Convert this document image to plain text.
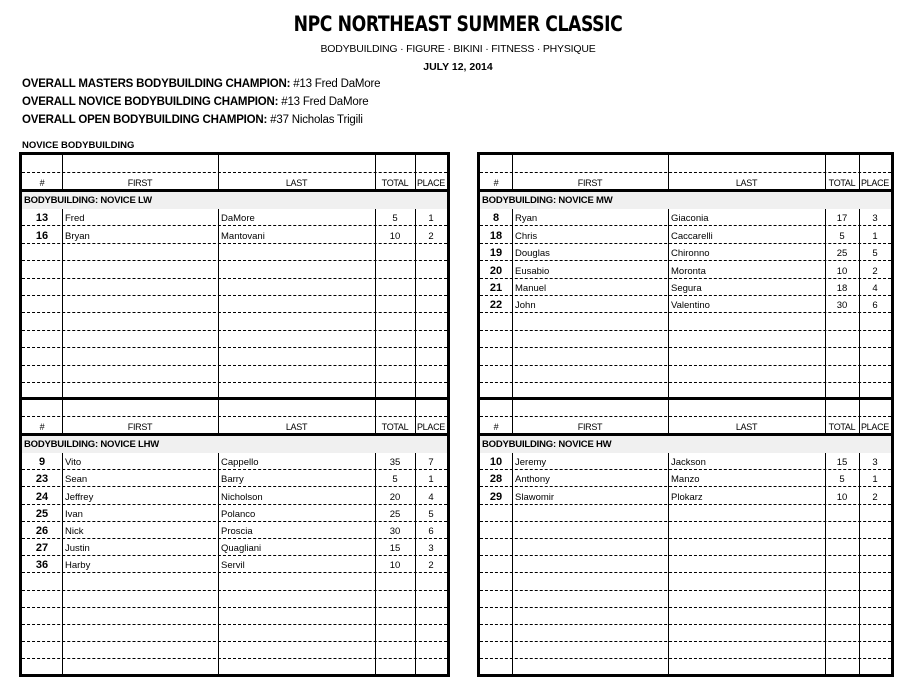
NPC NORTHEAST SUMMER CLASSIC
BODYBUILDING · FIGURE · BIKINI · FITNESS · PHYSIQUE
JULY 12, 2014
OVERALL MASTERS BODYBUILDING CHAMPION: #13 Fred DaMore
OVERALL NOVICE BODYBUILDING CHAMPION: #13 Fred DaMore
OVERALL OPEN BODYBUILDING CHAMPION: #37 Nicholas Trigili
NOVICE BODYBUILDING
#	FIRST	LAST	TOTAL PLACE
BODYBUILDING: NOVICE LW
13	Fred	DaMore	5	1
16	Bryan	Mantovani	10	2
#	FIRST	LAST	TOTAL PLACE
BODYBUILDING: NOVICE LHW
9	Vito	Cappello	35	7
23	Sean	Barry	5	1
24	Jeffrey	Nicholson	20	4
25	Ivan	Polanco	25	5
26	Nick	Proscia	30	6
27	Justin	Quagliani	15	3
36	Harby	Servil	10	2
#	FIRST	LAST	TOTAL PLACE
BODYBUILDING: NOVICE MW
8	Ryan	Giaconia	17	3
18	Chris	Caccarelli	5	1
19	Douglas	Chironno	25	5
20	Eusabio	Moronta	10	2
21	Manuel	Segura	18	4
22	John	Valentino	30	6
#	FIRST	LAST	TOTAL PLACE
BODYBUILDING: NOVICE HW
10	Jeremy	Jackson	15	3
28	Anthony	Manzo	5	1
29	Slawomir	Plokarz	10	2
